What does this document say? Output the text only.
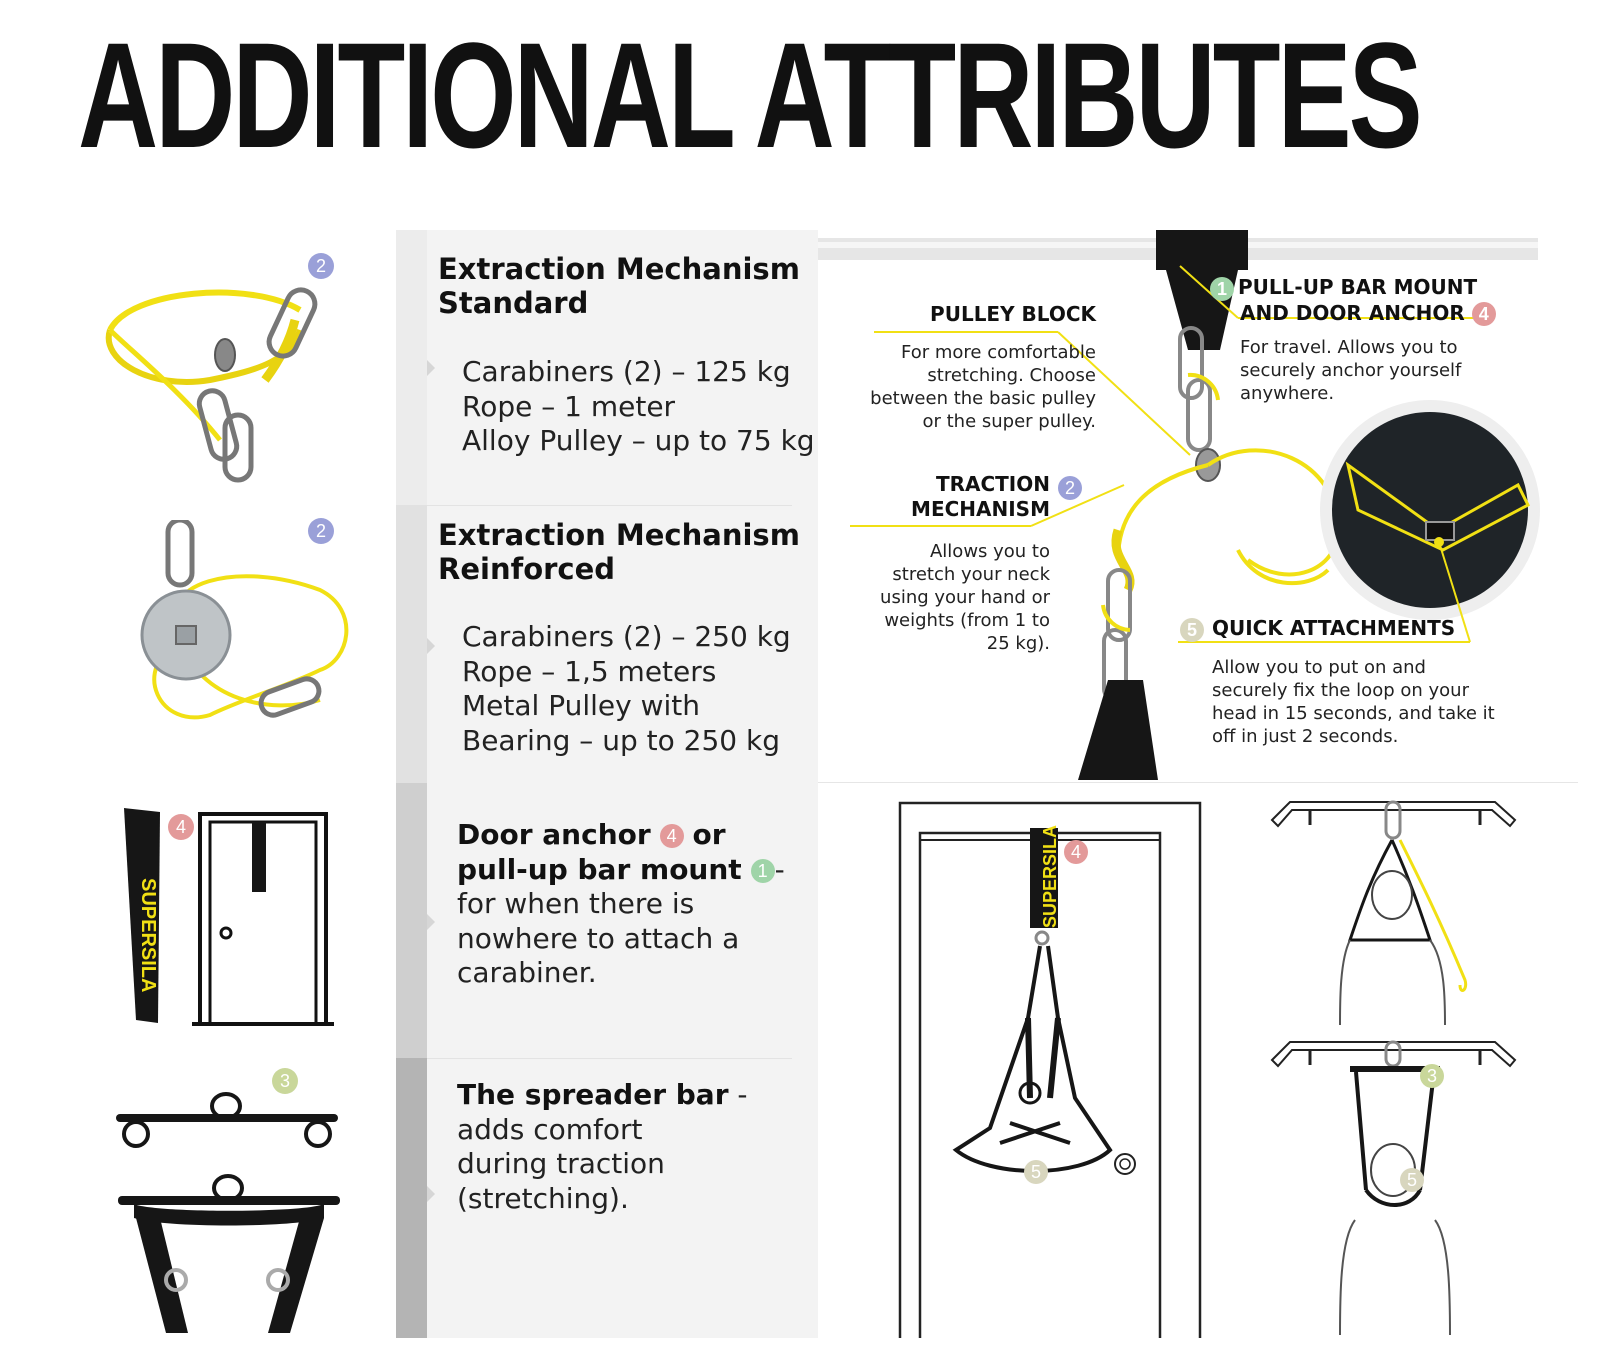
ADDITIONAL ATTRIBUTES
Extraction Mechanism
Standard
Carabiners (2) – 125 kg
Rope – 1 meter
Alloy Pulley – up to 75 kg
Extraction Mechanism
Reinforced
Carabiners (2) – 250 kg
Rope – 1,5 meters
Metal Pulley with
Bearing – up to 250 kg
Door anchor 4 or
pull-up bar mount 1 -
for when there is
nowhere to attach a
carabiner.
The spreader bar -
adds comfort
during traction
(stretching).
2
2
4
SUPERSILA
3
1 PULL-UP BAR MOUNT
AND DOOR ANCHOR 4
For travel. Allows you to
securely anchor yourself
anywhere.
PULLEY BLOCK
For more comfortable
stretching. Choose
between the basic pulley
or the super pulley.
TRACTION
MECHANISM
2
Allows you to
stretch your neck
using your hand or
weights (from 1 to
25 kg).
5 QUICK ATTACHMENTS
Allow you to put on and
securely fix the loop on your
head in 15 seconds, and take it
off in just 2 seconds.
SUPERSILA 4
5
3
5
